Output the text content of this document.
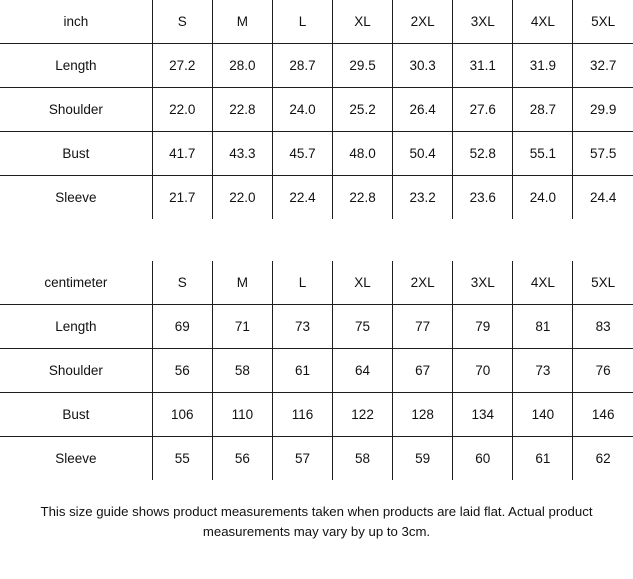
inch	S	M	L	XL	2XL	3XL	4XL	5XL
Length	27.2	28.0	28.7	29.5	30.3	31.1	31.9	32.7
Shoulder	22.0	22.8	24.0	25.2	26.4	27.6	28.7	29.9
Bust	41.7	43.3	45.7	48.0	50.4	52.8	55.1	57.5
Sleeve	21.7	22.0	22.4	22.8	23.2	23.6	24.0	24.4
centimeter	S	M	L	XL	2XL	3XL	4XL	5XL
Length	69	71	73	75	77	79	81	83
Shoulder	56	58	61	64	67	70	73	76
Bust	106	110	116	122	128	134	140	146
Sleeve	55	56	57	58	59	60	61	62

This size guide shows product measurements taken when products are laid flat. Actual product measurements may vary by up to 3cm.
